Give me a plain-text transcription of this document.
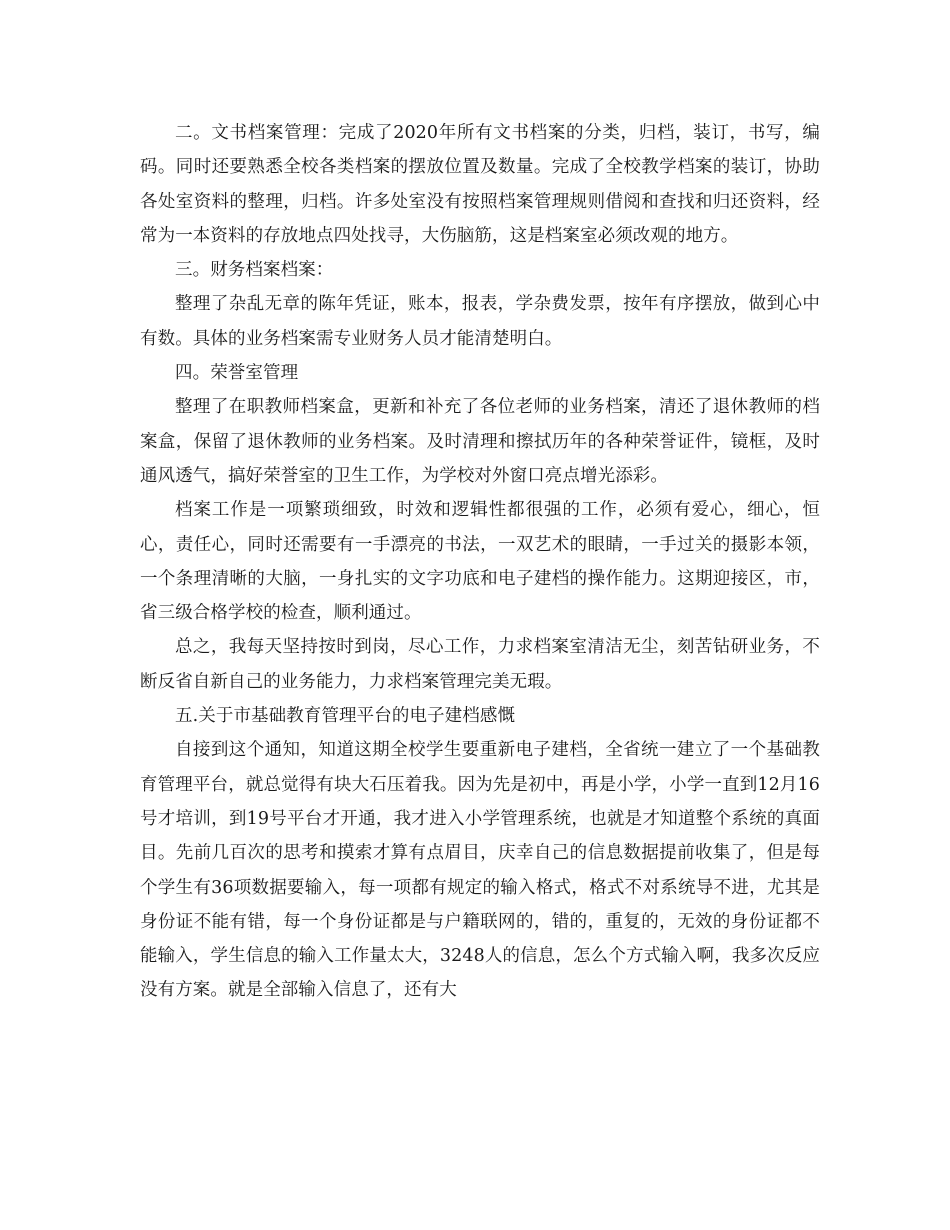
二。文书档案管理：完成了2020年所有文书档案的分类，归档，装订，书写，编码。同时还要熟悉全校各类档案的摆放位置及数量。完成了全校教学档案的装订，协助各处室资料的整理，归档。许多处室没有按照档案管理规则借阅和查找和归还资料，经常为一本资料的存放地点四处找寻，大伤脑筋，这是档案室必须改观的地方。

三。财务档案档案：

整理了杂乱无章的陈年凭证，账本，报表，学杂费发票，按年有序摆放，做到心中有数。具体的业务档案需专业财务人员才能清楚明白。

四。荣誉室管理

整理了在职教师档案盒，更新和补充了各位老师的业务档案，清还了退休教师的档案盒，保留了退休教师的业务档案。及时清理和擦拭历年的各种荣誉证件，镜框，及时通风透气，搞好荣誉室的卫生工作，为学校对外窗口亮点增光添彩。

档案工作是一项繁琐细致，时效和逻辑性都很强的工作，必须有爱心，细心，恒心，责任心，同时还需要有一手漂亮的书法，一双艺术的眼睛，一手过关的摄影本领，一个条理清晰的大脑，一身扎实的文字功底和电子建档的操作能力。这期迎接区，市，省三级合格学校的检查，顺利通过。

总之，我每天坚持按时到岗，尽心工作，力求档案室清洁无尘，刻苦钻研业务，不断反省自新自己的业务能力，力求档案管理完美无瑕。

五.关于市基础教育管理平台的电子建档感慨

自接到这个通知，知道这期全校学生要重新电子建档，全省统一建立了一个基础教育管理平台，就总觉得有块大石压着我。因为先是初中，再是小学，小学一直到12月16号才培训，到19号平台才开通，我才进入小学管理系统，也就是才知道整个系统的真面目。先前几百次的思考和摸索才算有点眉目，庆幸自己的信息数据提前收集了，但是每个学生有36项数据要输入，每一项都有规定的输入格式，格式不对系统导不进，尤其是身份证不能有错，每一个身份证都是与户籍联网的，错的，重复的，无效的身份证都不能输入，学生信息的输入工作量太大，3248人的信息，怎么个方式输入啊，我多次反应没有方案。就是全部输入信息了，还有大
